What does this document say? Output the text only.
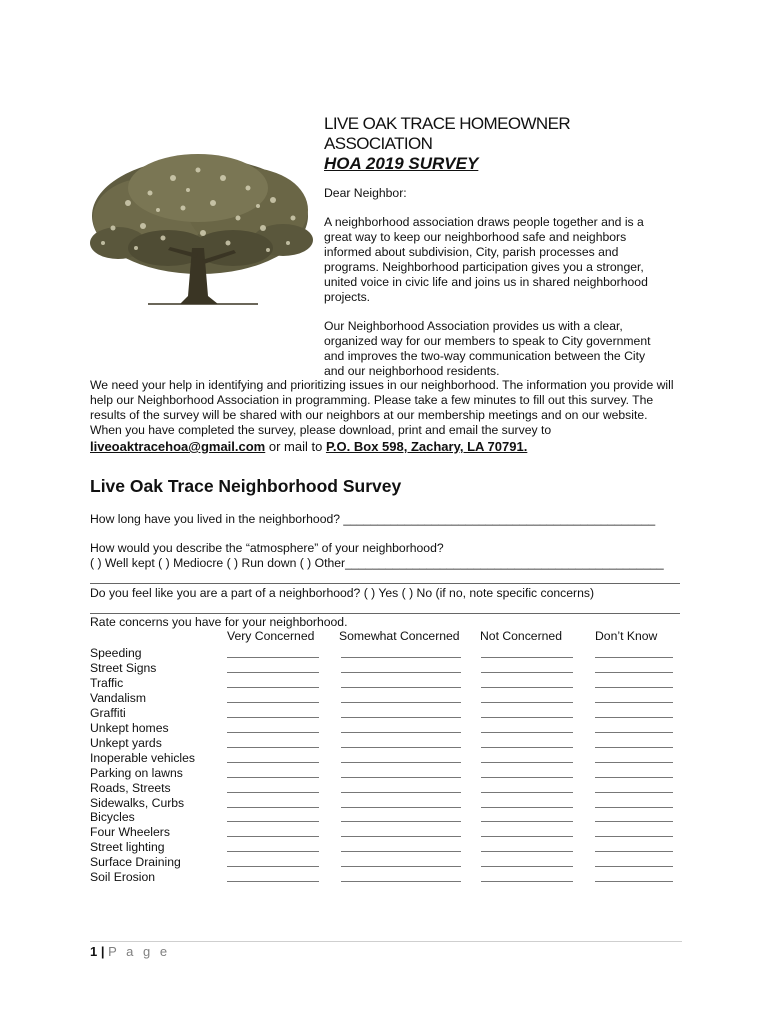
LIVE OAK TRACE HOMEOWNER ASSOCIATION
HOA 2019 SURVEY

Dear Neighbor:

A neighborhood association draws people together and is a great way to keep our neighborhood safe and neighbors informed about subdivision, City, parish processes and programs. Neighborhood participation gives you a stronger, united voice in civic life and joins us in shared neighborhood projects.

Our Neighborhood Association provides us with a clear, organized way for our members to speak to City government and improves the two-way communication between the City and our neighborhood residents.

We need your help in identifying and prioritizing issues in our neighborhood. The information you provide will help our Neighborhood Association in programming. Please take a few minutes to fill out this survey. The results of the survey will be shared with our neighbors at our membership meetings and on our website. When you have completed the survey, please download, print and email the survey to

liveoaktracehoa@gmail.com or mail to P.O. Box 598, Zachary, LA 70791.
Live Oak Trace Neighborhood Survey
How long have you lived in the neighborhood? ______________________________________________
How would you describe the “atmosphere” of your neighborhood?
( ) Well kept ( ) Mediocre ( ) Run down ( ) Other_______________________________________________
Do you feel like you are a part of a neighborhood? ( ) Yes ( ) No (if no, note specific concerns)
Rate concerns you have for your neighborhood.
Very Concerned Somewhat Concerned Not Concerned	Don’t Know
Speeding
Street Signs
Traffic
Vandalism
Graffiti
Unkept homes
Unkept yards
Inoperable vehicles
Parking on lawns
Roads, Streets
Sidewalks, Curbs
Bicycles
Four Wheelers
Street lighting
Surface Draining
Soil Erosion
1 | P a g e
